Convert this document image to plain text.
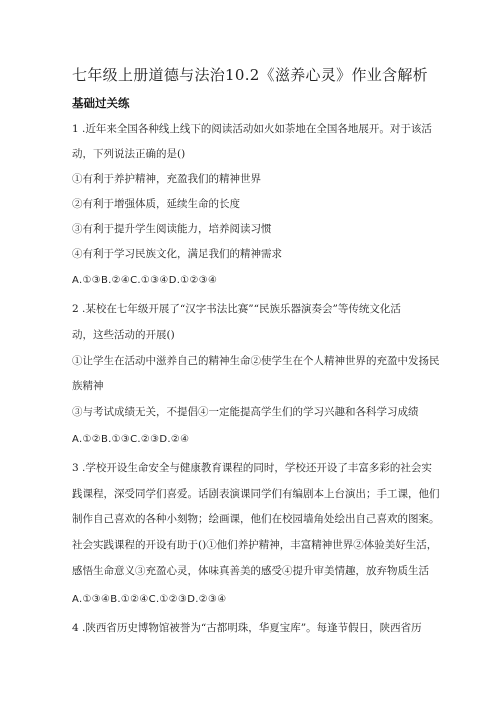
七年级上册道德与法治10.2《滋养心灵》作业含解析
基础过关练
1 .近年来全国各种线上线下的阅读活动如火如荼地在全国各地展开。对于该活
动，下列说法正确的是()
①有利于养护精神，充盈我们的精神世界
②有利于增强体质，延续生命的长度
③有利于提升学生阅读能力，培养阅读习惯
④有利于学习民族文化，满足我们的精神需求
A.①③B.②④C.①③④D.①②③④
2 .某校在七年级开展了“汉字书法比赛”“民族乐器演奏会”等传统文化活
动，这些活动的开展()
①让学生在活动中滋养自己的精神生命②使学生在个人精神世界的充盈中发扬民
族精神
③与考试成绩无关，不提倡④一定能提高学生们的学习兴趣和各科学习成绩
A.①②B.①③C.②③D.②④
3 .学校开设生命安全与健康教育课程的同时，学校还开设了丰富多彩的社会实
践课程，深受同学们喜爱。话剧表演课同学们有编剧本上台演出；手工课，他们
制作自己喜欢的各种小刻物；绘画课，他们在校园墙角处绘出自己喜欢的图案。
社会实践课程的开设有助于()①他们养护精神，丰富精神世界②体验美好生活，
感悟生命意义③充盈心灵，体味真善美的感受④提升审美情趣，放弃物质生活
A.①③④B.①②④C.①②③D.②③④
4 .陕西省历史博物馆被誉为“古都明珠，华夏宝库”。每逢节假日，陕西省历
